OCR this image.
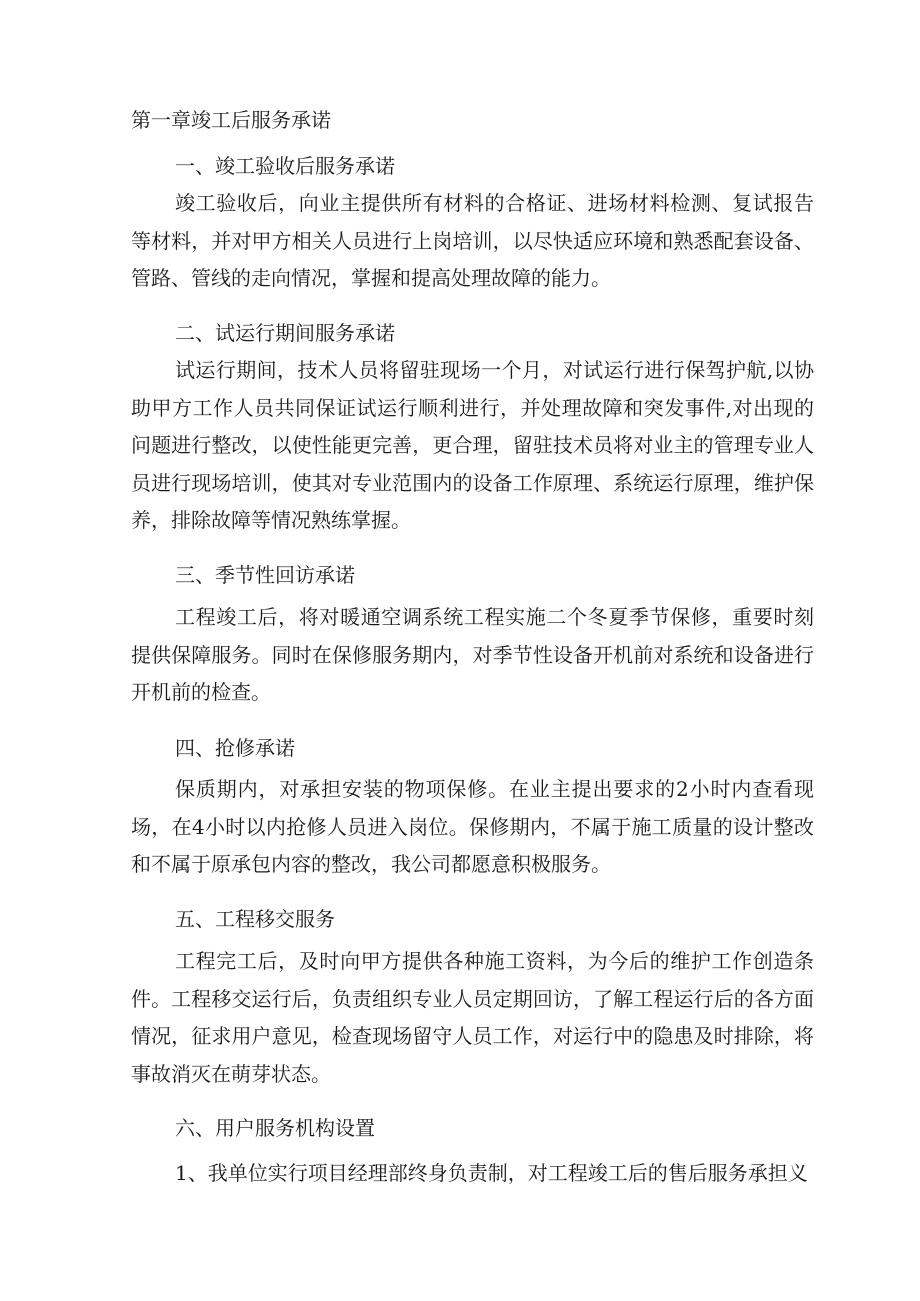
第一章竣工后服务承诺
一、竣工验收后服务承诺

竣工验收后，向业主提供所有材料的合格证、进场材料检测、复试报告等材料，并对甲方相关人员进行上岗培训，以尽快适应环境和熟悉配套设备、管路、管线的走向情况，掌握和提高处理故障的能力。

二、试运行期间服务承诺

试运行期间，技术人员将留驻现场一个月，对试运行进行保驾护航,以协助甲方工作人员共同保证试运行顺利进行，并处理故障和突发事件,对出现的问题进行整改，以使性能更完善，更合理，留驻技术员将对业主的管理专业人员进行现场培训，使其对专业范围内的设备工作原理、系统运行原理，维护保养，排除故障等情况熟练掌握。

三、季节性回访承诺

工程竣工后，将对暖通空调系统工程实施二个冬夏季节保修，重要时刻提供保障服务。同时在保修服务期内，对季节性设备开机前对系统和设备进行开机前的检查。

四、抢修承诺

保质期内，对承担安装的物项保修。在业主提出要求的2小时内查看现场，在4小时以内抢修人员进入岗位。保修期内，不属于施工质量的设计整改和不属于原承包内容的整改，我公司都愿意积极服务。

五、工程移交服务

工程完工后，及时向甲方提供各种施工资料，为今后的维护工作创造条件。工程移交运行后，负责组织专业人员定期回访，了解工程运行后的各方面情况，征求用户意见，检查现场留守人员工作，对运行中的隐患及时排除，将事故消灭在萌芽状态。

六、用户服务机构设置

1、我单位实行项目经理部终身负责制，对工程竣工后的售后服务承担义
